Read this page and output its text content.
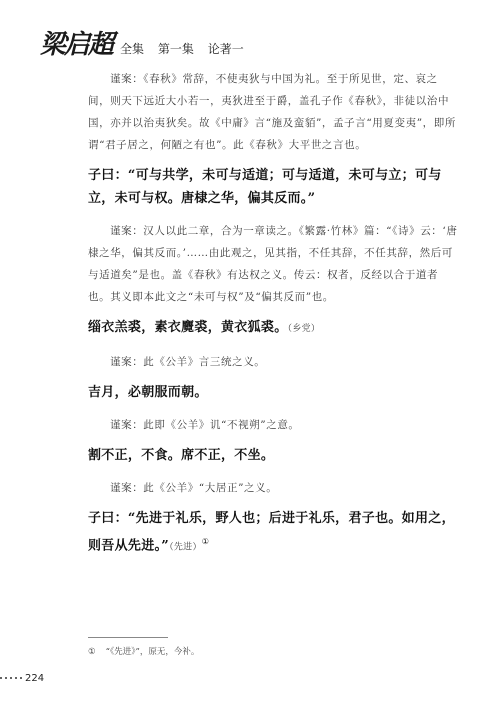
梁启超 全集 第一集 论著一

谨案：《春秋》常辞，不使夷狄与中国为礼。至于所见世，定、哀之间，则天下远近大小若一，夷狄进至于爵，盖孔子作《春秋》，非徒以治中国，亦并以治夷狄矣。故《中庸》言“施及蛮貊”，孟子言“用夏变夷”，即所谓“君子居之，何陋之有也”。此《春秋》大平世之言也。

子曰：“可与共学，未可与适道；可与适道，未可与立；可与立，未可与权。唐棣之华，偏其反而。”

谨案：汉人以此二章，合为一章读之。《繁露·竹林》篇：“《诗》云：‘唐棣之华，偏其反而。’……由此观之，见其指，不任其辞，不任其辞，然后可与适道矣”是也。盖《春秋》有达权之义。传云：权者，反经以合于道者也。其义即本此文之“未可与权”及“偏其反而”也。

缁衣羔裘，素衣麑裘，黄衣狐裘。（乡党）

谨案：此《公羊》言三统之义。

吉月，必朝服而朝。

谨案：此即《公羊》讥“不视朔”之意。

割不正，不食。席不正，不坐。

谨案：此《公羊》“大居正”之义。

子曰：“先进于礼乐，野人也；后进于礼乐，君子也。如用之，则吾从先进。”（先进）①

① “《先进》”，原无，今补。
224
